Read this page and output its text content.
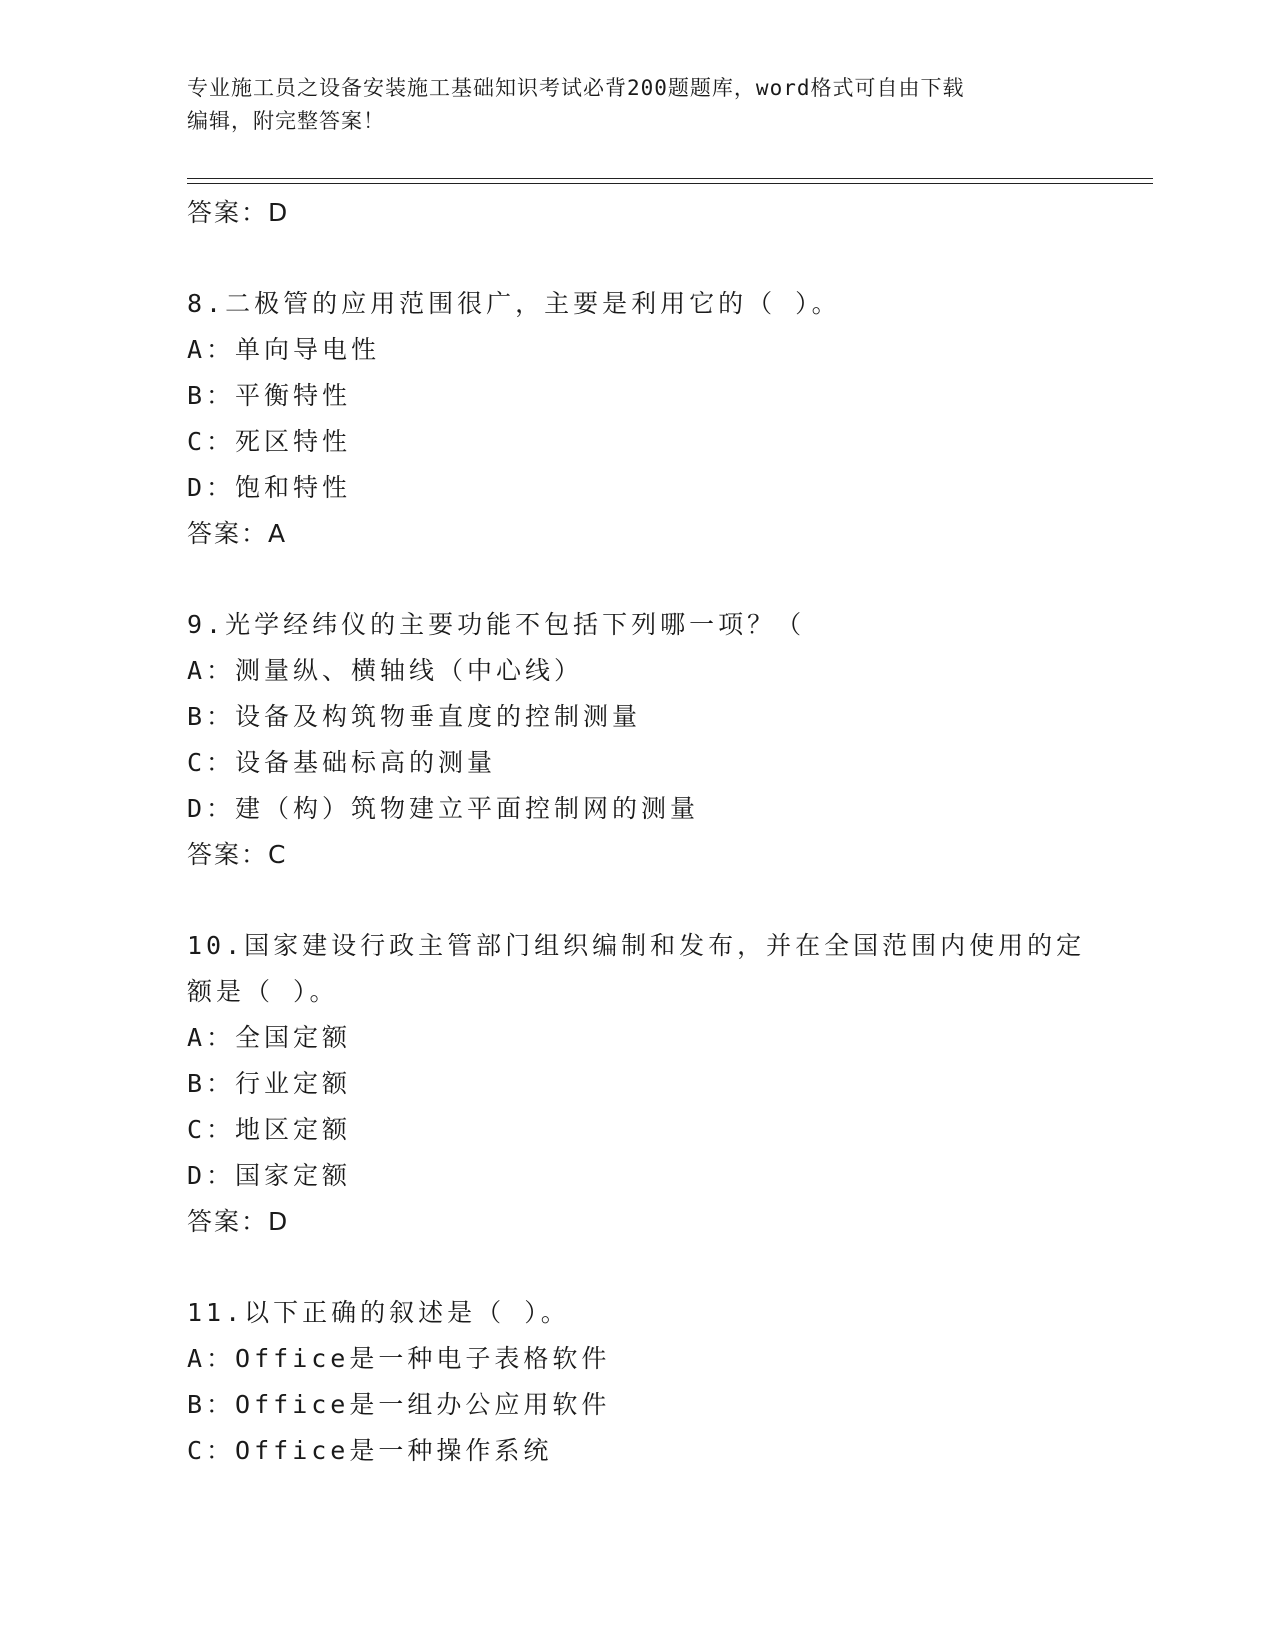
专业施工员之设备安装施工基础知识考试必背200题题库，word格式可自由下载
编辑，附完整答案！
答案：D
8.二极管的应用范围很广，主要是利用它的（ ）。
A：单向导电性
B：平衡特性
C：死区特性
D：饱和特性
答案：A
9.光学经纬仪的主要功能不包括下列哪一项？（
A：测量纵、横轴线（中心线）
B：设备及构筑物垂直度的控制测量
C：设备基础标高的测量
D：建（构）筑物建立平面控制网的测量
答案：C
10.国家建设行政主管部门组织编制和发布，并在全国范围内使用的定
额是（ ）。
A：全国定额
B：行业定额
C：地区定额
D：国家定额
答案：D
11.以下正确的叙述是（ ）。
A：Office是一种电子表格软件
B：Office是一组办公应用软件
C：Office是一种操作系统
